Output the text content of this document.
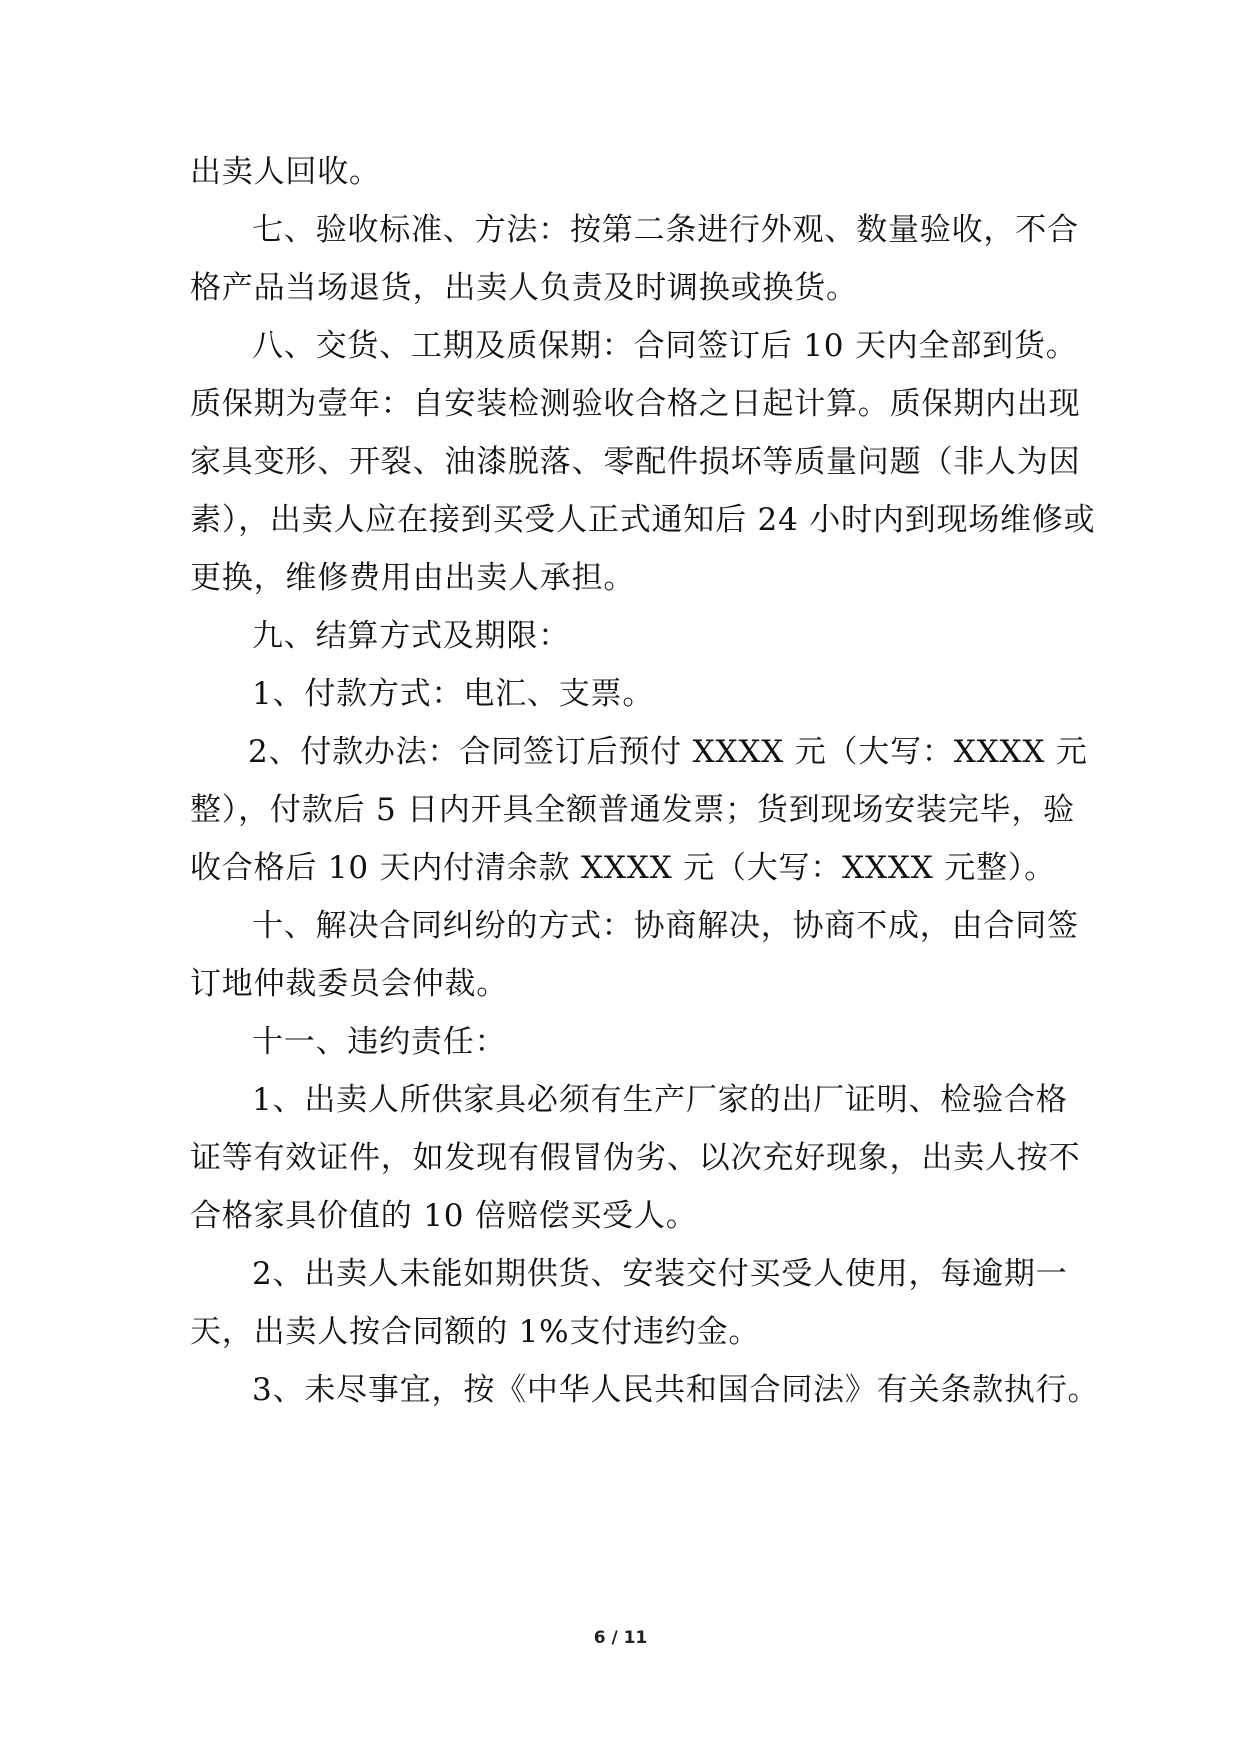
出卖人回收。
七、验收标准、方法：按第二条进行外观、数量验收，不合
格产品当场退货，出卖人负责及时调换或换货。
八、交货、工期及质保期：合同签订后 10 天内全部到货。
质保期为壹年：自安装检测验收合格之日起计算。质保期内出现
家具变形、开裂、油漆脱落、零配件损坏等质量问题（非人为因
素），出卖人应在接到买受人正式通知后 24 小时内到现场维修或
更换，维修费用由出卖人承担。
九、结算方式及期限：
1、付款方式：电汇、支票。
2、付款办法：合同签订后预付 XXXX 元（大写：XXXX 元
整），付款后 5 日内开具全额普通发票；货到现场安装完毕，验
收合格后 10 天内付清余款 XXXX 元（大写：XXXX 元整）。
十、解决合同纠纷的方式：协商解决，协商不成，由合同签
订地仲裁委员会仲裁。
十一、违约责任：
1、出卖人所供家具必须有生产厂家的出厂证明、检验合格
证等有效证件，如发现有假冒伪劣、以次充好现象，出卖人按不
合格家具价值的 10 倍赔偿买受人。
2、出卖人未能如期供货、安装交付买受人使用，每逾期一
天，出卖人按合同额的 1%支付违约金。
3、未尽事宜，按《中华人民共和国合同法》有关条款执行。
6 / 11
